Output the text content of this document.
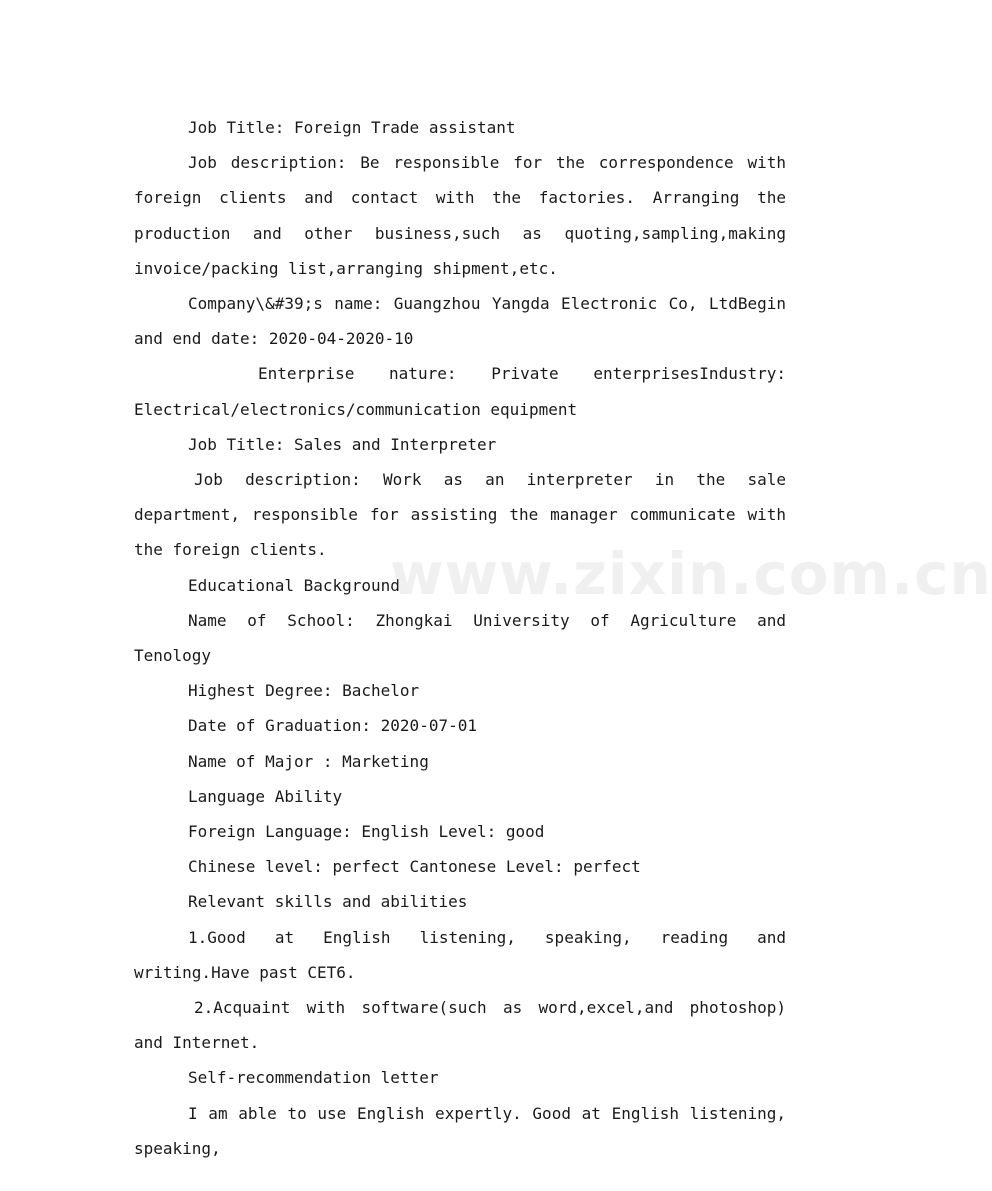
Job Title: Foreign Trade assistant

Job description: Be responsible for the correspondence with foreign clients and contact with the factories. Arranging the production and other business,such as quoting,sampling,making invoice/packing list,arranging shipment,etc.

Company\&#39;s name: Guangzhou Yangda Electronic Co, LtdBegin and end date: 2020-04-2020-10

Enterprise nature: Private enterprisesIndustry: Electrical/electronics/communication equipment

Job Title: Sales and Interpreter

Job description: Work as an interpreter in the sale department, responsible for assisting the manager communicate with the foreign clients.

Educational Background

Name of School: Zhongkai University of Agriculture and Tenology

Highest Degree: Bachelor

Date of Graduation: 2020-07-01

Name of Major : Marketing

Language Ability

Foreign Language: English Level: good

Chinese level: perfect Cantonese Level: perfect

Relevant skills and abilities

1.Good at English listening, speaking, reading and writing.Have past CET6.

2.Acquaint with software(such as word,excel,and photoshop) and Internet.

Self-recommendation letter

I am able to use English expertly. Good at English listening, speaking,

www.zixin.com.cn
